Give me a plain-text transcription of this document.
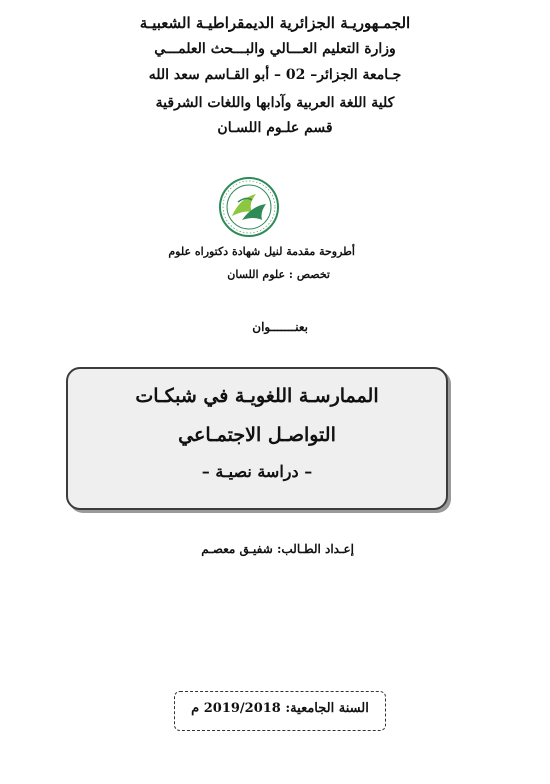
الجمـهوريـة الجزائرية الديمقراطيـة الشعبيـة
وزارة التعليم العـــالي والبـــحث العلمـــي
جـامعة الجزائر– 02 – أبو القـاسم سعد الله
كلية اللغة العربية وآدابها واللغات الشرقية
قسم علـوم اللسـان
أطروحة مقدمة لنيل شهادة دكتوراه علوم
تخصص : علوم اللسان
بعنـــــــوان
الممارسـة اللغويـة في شبكـات
التواصـل الاجتمـاعي
– دراسة نصيـة –
إعـداد الطـالب: شفيـق معصـم
السنة الجامعية: 2019/2018 م
